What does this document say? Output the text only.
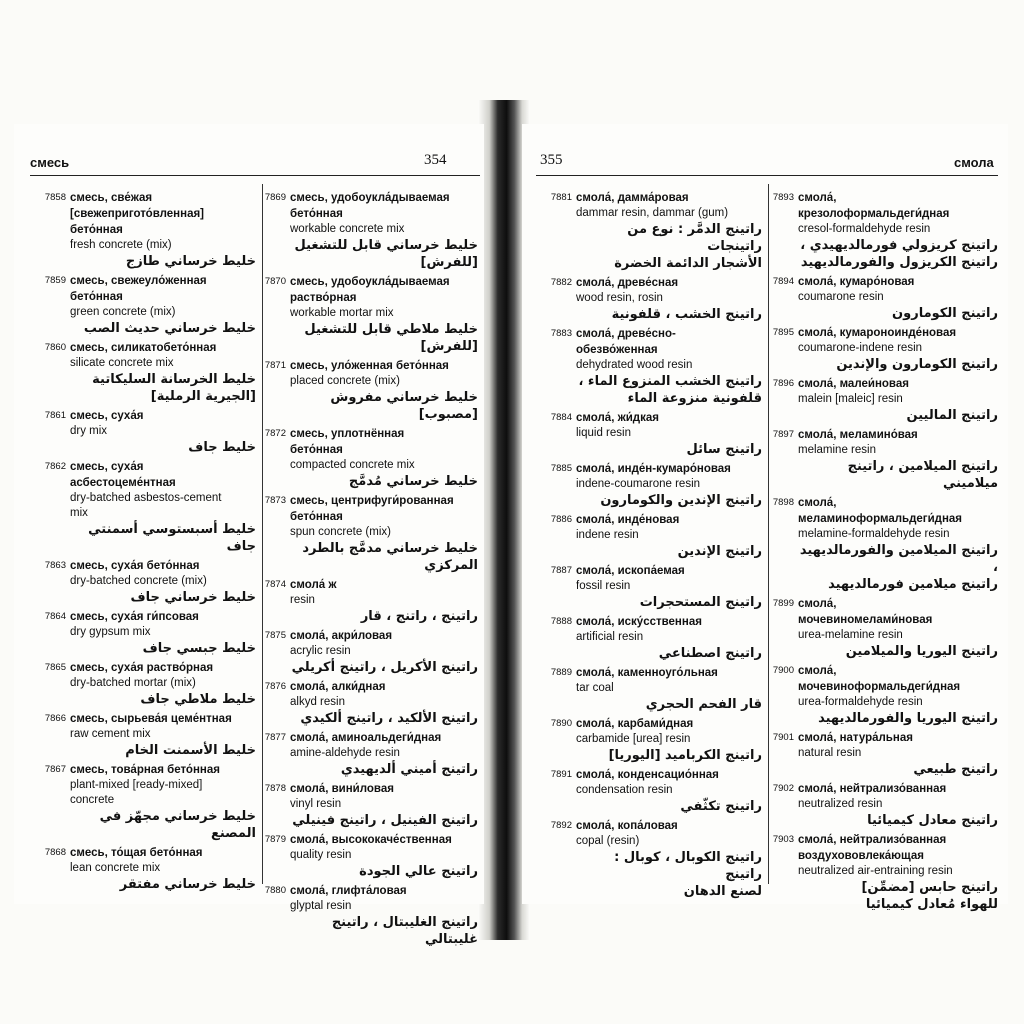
смесь	354
7858 смесь, све́жая
[свежепригото́вленная]
бето́нная
fresh concrete (mix)
خليط خرساني طازج
7859 смесь, свежеуло́женная
бето́нная
green concrete (mix)
خليط خرساني حديث الصب
7860 смесь, силикатобето́нная
silicate concrete mix
خليط الخرسانة السليكاتية
[الجيرية الرملية]
7861 смесь, суха́я
dry mix
خليط جاف
7862 смесь, суха́я
асбестоцеме́нтная
dry-batched asbestos-cement
mix
خليط أسبستوسي أسمنتي جاف
7863 смесь, суха́я бето́нная
dry-batched concrete (mix)
خليط خرساني جاف
7864 смесь, суха́я ги́псовая
dry gypsum mix
خليط جبسي جاف
7865 смесь, суха́я раство́рная
dry-batched mortar (mix)
خليط ملاطي جاف
7866 смесь, сырьева́я цеме́нтная
raw cement mix
خليط الأسمنت الخام
7867 смесь, това́рная бето́нная
plant-mixed [ready-mixed]
concrete
خليط خرساني مجهّز في المصنع
7868 смесь, то́щая бето́нная
lean concrete mix
خليط خرساني مفتقر
7869 смесь, удобоукла́дываемая
бето́нная
workable concrete mix
خليط خرساني قابل للتشغيل [للفرش]
7870 смесь, удобоукла́дываемая
раство́рная
workable mortar mix
خليط ملاطي قابل للتشغيل [للفرش]
7871 смесь, уло́женная бето́нная
placed concrete (mix)
خليط خرساني مفروش [مصبوب]
7872 смесь, уплотнённая
бето́нная
compacted concrete mix
خليط خرساني مُدمَّج
7873 смесь, центрифуги́рованная
бето́нная
spun concrete (mix)
خليط خرساني مدمَّج بالطرد
المركزي
7874 смола́ ж
resin
راتينج ، راتنج ، قار
7875 смола́, акри́ловая
acrylic resin
راتينج الأكريل ، راتينج أكريلي
7876 смола́, алки́дная
alkyd resin
راتينج الألكيد ، راتينج ألكيدي
7877 смола́, аминоальдеги́дная
amine-aldehyde resin
راتينج أميني ألديهيدي
7878 смола́, вини́ловая
vinyl resin
راتينج الفينيل ، راتينج فينيلي
7879 смола́, высококаче́ственная
quality resin
راتينج عالي الجودة
7880 смола́, глифта́ловая
glyptal resin
راتينج الغليبتال ، راتينج غليبتالي
355	смола
7881 смола́, дамма́ровая
dammar resin, dammar (gum)
راتينج الدمَّر : نوع من راتينجات
الأشجار الدائمة الخضرة
7882 смола́, древе́сная
wood resin, rosin
راتينج الخشب ، قلفونية
7883 смола́, древе́сно-
обезво́женная
dehydrated wood resin
راتينج الخشب المنزوع الماء ،
قلفونية منزوعة الماء
7884 смола́, жи́дкая
liquid resin
راتينج سائل
7885 смола́, инде́н-кумаро́новая
indene-coumarone resin
راتينج الإندين والكومارون
7886 смола́, инде́новая
indene resin
راتينج الإندين
7887 смола́, ископа́емая
fossil resin
راتينج المستحجرات
7888 смола́, иску́сственная
artificial resin
راتينج اصطناعي
7889 смола́, каменноуго́льная
tar coal
قار الفحم الحجري
7890 смола́, карбами́дная
carbamide [urea] resin
راتينج الكرباميد [اليوريا]
7891 смола́, конденсацио́нная
condensation resin
راتينج تكثّفي
7892 смола́, копа́ловая
copal (resin)
راتينج الكوبال ، كوبال : راتينج
لصنع الدهان
7893 смола́,
крезолоформальдеги́дная
cresol-formaldehyde resin
راتينج كريزولي فورمالديهيدي ،
راتينج الكريزول والفورمالديهيد
7894 смола́, кумаро́новая
coumarone resin
راتينج الكومارون
7895 смола́, кумароноинде́новая
coumarone-indene resin
راتينج الكومارون والإندين
7896 смола́, малеи́новая
malein [maleic] resin
راتينج الماليين
7897 смола́, меламино́вая
melamine resin
راتينج الميلامين ، راتينج ميلاميني
7898 смола́,
меламиноформальдеги́дная
melamine-formaldehyde resin
راتينج الميلامين والفورمالديهيد ،
راتينج ميلامين فورمالديهيد
7899 смола́,
мочевиномелами́новая
urea-melamine resin
راتينج اليوريا والميلامين
7900 смола́,
мочевиноформальдеги́дная
urea-formaldehyde resin
راتينج اليوريا والفورمالديهيد
7901 смола́, натура́льная
natural resin
راتينج طبيعي
7902 смола́, нейтрализо́ванная
neutralized resin
راتينج معادل كيميائيا
7903 смола́, нейтрализо́ванная
воздухововлека́ющая
neutralized air-entraining resin
راتينج حابس [مضمِّن]
للهواء مُعادل كيميائيا
